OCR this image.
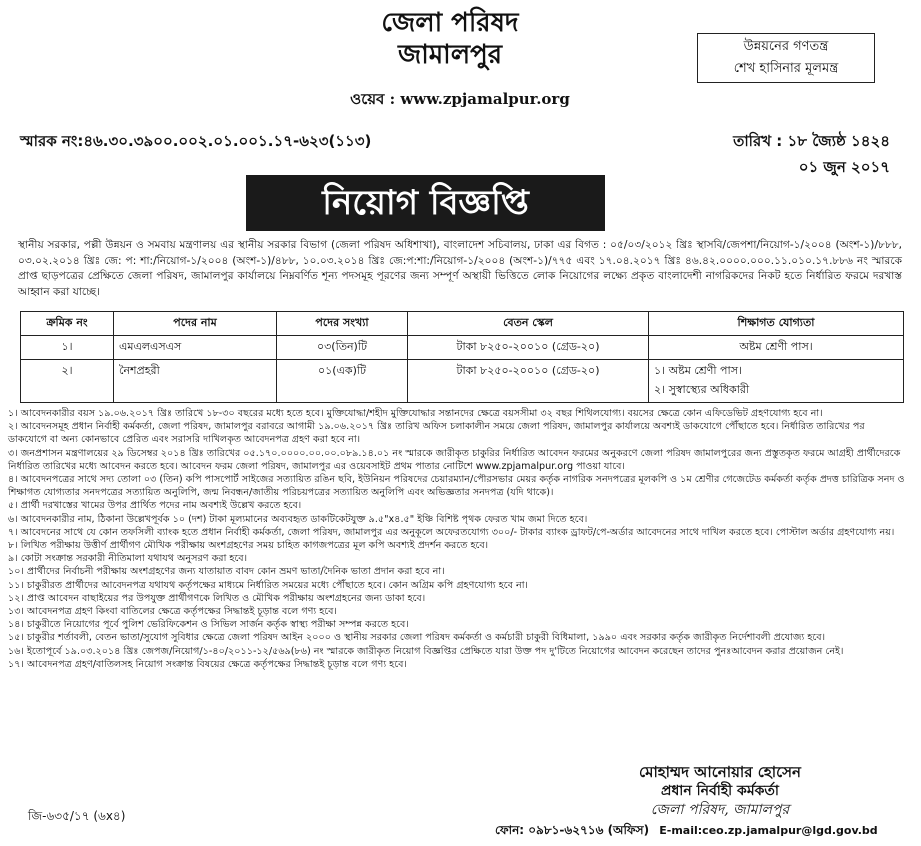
জেলা পরিষদ
জামালপুর
ওয়েব : www.zpjamalpur.org
উন্নয়নের গণতন্ত্র
শেখ হাসিনার মূলমন্ত্র
স্মারক নং:৪৬.৩০.৩৯০০.০০২.০১.০০১.১৭-৬২৩(১১৩)	তারিখ : ১৮ জ্যৈষ্ঠ ১৪২৪
০১ জুন ২০১৭
নিয়োগ বিজ্ঞপ্তি
স্থানীয় সরকার, পল্লী উন্নয়ন ও সমবায় মন্ত্রণালয় এর স্থানীয় সরকার বিভাগ (জেলা পরিষদ অধিশাখা), বাংলাদেশ সচিবালয়, ঢাকা এর বিগত : ০৫/০৩/২০১২ খ্রিঃ স্থাসবি/জেপশা/নিয়োগ-১/২০০৪ (অংশ-১)/৮৮৮, ০৩.০২.২০১৪ খ্রিঃ জে: প: শা:/নিয়োগ-১/২০০৪ (অংশ-১)/৪৮৮, ১০.০৩.২০১৪ খ্রিঃ জে:প:শা:/নিয়োগ-১/২০০৪ (অংশ-১)/৭৭৫ এবং ১৭.০৪.২০১৭ খ্রিঃ ৪৬.৪২.০০০০.০০০.১১.০১০.১৭.৮৮৬ নং স্মারকে প্রাপ্ত ছাড়পত্রের প্রেক্ষিতে জেলা পরিষদ, জামালপুর কার্যালয়ে নিম্নবর্ণিত শূন্য পদসমূহ পূরণের জন্য সম্পূর্ণ অস্থায়ী ভিত্তিতে লোক নিয়োগের লক্ষ্যে প্রকৃত বাংলাদেশী নাগরিকদের নিকট হতে নির্ধারিত ফরমে দরখাস্ত আহ্বান করা যাচ্ছে।
ক্রমিক নং	পদের নাম	পদের সংখ্যা	বেতন স্কেল	শিক্ষাগত যোগ্যতা
১।	এমএলএসএস	০৩(তিন)টি	টাকা ৮২৫০-২০০১০ (গ্রেড-২০)	অষ্টম শ্রেণী পাস।
২।	নৈশপ্রহরী	০১(এক)টি	টাকা ৮২৫০-২০০১০ (গ্রেড-২০)	১। অষ্টম শ্রেণী পাস।
২। সুস্বাস্থ্যের অধিকারী

১। আবেদনকারীর বয়স ১৯.০৬.২০১৭ খ্রিঃ তারিখে ১৮-৩০ বছরের মধ্যে হতে হবে। মুক্তিযোদ্ধা/শহীদ মুক্তিযোদ্ধার সন্তানদের ক্ষেত্রে বয়সসীমা ৩২ বছর শিথিলযোগ্য। বয়সের ক্ষেত্রে কোন এফিডেভিট গ্রহণযোগ্য হবে না।

২। আবেদনসমূহ প্রধান নির্বাহী কর্মকর্তা, জেলা পরিষদ, জামালপুর বরাবরে আগামী ১৯.০৬.২০১৭ খ্রিঃ তারিখ অফিস চলাকালীন সময়ে জেলা পরিষদ, জামালপুর কার্যালয়ে অবশ্যই ডাকযোগে পৌঁছাতে হবে। নির্ধারিত তারিখের পর ডাকযোগে বা অন্য কোনভাবে প্রেরিত এবং সরাসরি দাখিলকৃত আবেদনপত্র গ্রহণ করা হবে না।

৩। জনপ্রশাসন মন্ত্রণালয়ের ২৯ ডিসেম্বর ২০১৪ খ্রিঃ তারিখের ০৫.১৭০.০০০০.০০.০০.০৮৯.১৪.০১ নং স্মারকে জারীকৃত চাকুরির নির্ধারিত আবেদন ফরমের অনুকরণে জেলা পরিষদ জামালপুরের জন্য প্রস্তুতকৃত ফরমে আগ্রহী প্রার্থীদেরকে নির্ধারিত তারিখের মধ্যে আবেদন করতে হবে। আবেদন ফরম জেলা পরিষদ, জামালপুর এর ওয়েবসাইট প্রথম পাতার নোটিশে www.zpjamalpur.org পাওয়া যাবে।

৪। আবেদনপত্রের সাথে সদ্য তোলা ০৩ (তিন) কপি পাসপোর্ট সাইজের সত্যায়িত রঙিন ছবি, ইউনিয়ন পরিষদের চেয়ারম্যান/পৌরসভার মেয়র কর্তৃক নাগরিক সনদপত্রের মূলকপি ও ১ম শ্রেণীর গেজেটেড কর্মকর্তা কর্তৃক প্রদত্ত চারিত্রিক সনদ ও শিক্ষাগত যোগ্যতার সনদপত্রের সত্যায়িত অনুলিপি, জন্ম নিবন্ধন/জাতীয় পরিচয়পত্রের সত্যায়িত অনুলিপি এবং অভিজ্ঞতার সনদপত্র (যদি থাকে)।

৫। প্রার্থী দরখাস্তের খামের উপর প্রার্থিত পদের নাম অবশ্যই উল্লেখ করতে হবে।

৬। আবেদনকারীর নাম, ঠিকানা উল্লেখপূর্বক ১০ (দশ) টাকা মূল্যমানের অব্যবহৃত ডাকটিকেটযুক্ত ৯.৫"x৪.৫" ইঞ্চি বিশিষ্ট পৃথক ফেরত খাম জমা দিতে হবে।

৭। আবেদনের সাথে যে কোন তফসিলী ব্যাংক হতে প্রধান নির্বাহী কর্মকর্তা, জেলা পরিষদ, জামালপুর এর অনুকূলে অফেরতযোগ্য ৩০০/- টাকার ব্যাংক ড্রাফট/পে-অর্ডার আবেদনের সাথে দাখিল করতে হবে। পোস্টাল অর্ডার গ্রহণযোগ্য নয়।

৮। লিখিত পরীক্ষায় উত্তীর্ণ প্রার্থীগণ মৌখিক পরীক্ষায় অংশগ্রহণের সময় চাহিত কাগজপত্রের মূল কপি অবশ্যই প্রদর্শন করতে হবে।

৯। কোটা সংক্রান্ত সরকারী নীতিমালা যথাযথ অনুসরণ করা হবে।

১০। প্রার্থীদের নির্বাচনী পরীক্ষায় অংশগ্রহণের জন্য যাতায়াত বাবদ কোন ভ্রমণ ভাতা/দৈনিক ভাতা প্রদান করা হবে না।

১১। চাকুরীরত প্রার্থীদের আবেদনপত্র যথাযথ কর্তৃপক্ষের মাধ্যমে নির্ধারিত সময়ের মধ্যে পৌঁছাতে হবে। কোন অগ্রিম কপি গ্রহণযোগ্য হবে না।

১২। প্রাপ্ত আবেদন বাছাইয়ের পর উপযুক্ত প্রার্থীগণকে লিখিত ও মৌখিক পরীক্ষায় অংশগ্রহনের জন্য ডাকা হবে।

১৩। আবেদনপত্র গ্রহণ কিংবা বাতিলের ক্ষেত্রে কর্তৃপক্ষের সিদ্ধান্তই চূড়ান্ত বলে গণ্য হবে।

১৪। চাকুরীতে নিয়োগের পূর্বে পুলিশ ভেরিফিকেশন ও সিভিল সার্জন কর্তৃক স্বাস্থ্য পরীক্ষা সম্পন্ন করতে হবে।

১৫। চাকুরীর শর্তাবলী, বেতন ভাতা/সুযোগ সুবিধার ক্ষেত্রে জেলা পরিষদ আইন ২০০০ ও স্থানীয় সরকার জেলা পরিষদ কর্মকর্তা ও কর্মচারী চাকুরী বিধিমালা, ১৯৯০ এবং সরকার কর্তৃক জারীকৃত নির্দেশাবলী প্রযোজ্য হবে।

১৬। ইতোপূর্বে ১৯.০৩.২০১৪ খ্রিঃ জেপজ/নিয়োগ/১-৪০/২০১১-১২/৫৬৯(৮৬) নং স্মারকে জারীকৃত নিয়োগ বিজ্ঞপ্তির প্রেক্ষিতে যারা উক্ত পদ দু'টিতে নিয়োগের আবেদন করেছেন তাদের পুনঃআবেদন করার প্রয়োজন নেই।

১৭। আবেদনপত্র গ্রহণ/বাতিলসহ নিয়োগ সংক্রান্ত বিষয়ের ক্ষেত্রে কর্তৃপক্ষের সিদ্ধান্তই চূড়ান্ত বলে গণ্য হবে।

মোহাম্মদ আনোয়ার হোসেন
প্রধান নির্বাহী কর্মকর্তা
জেলা পরিষদ, জামালপুর
জি-৬৩৫/১৭ (৬x৪)
ফোন: ০৯৮১-৬২৭১৬ (অফিস) E-mail:ceo.zp.jamalpur@lgd.gov.bd
